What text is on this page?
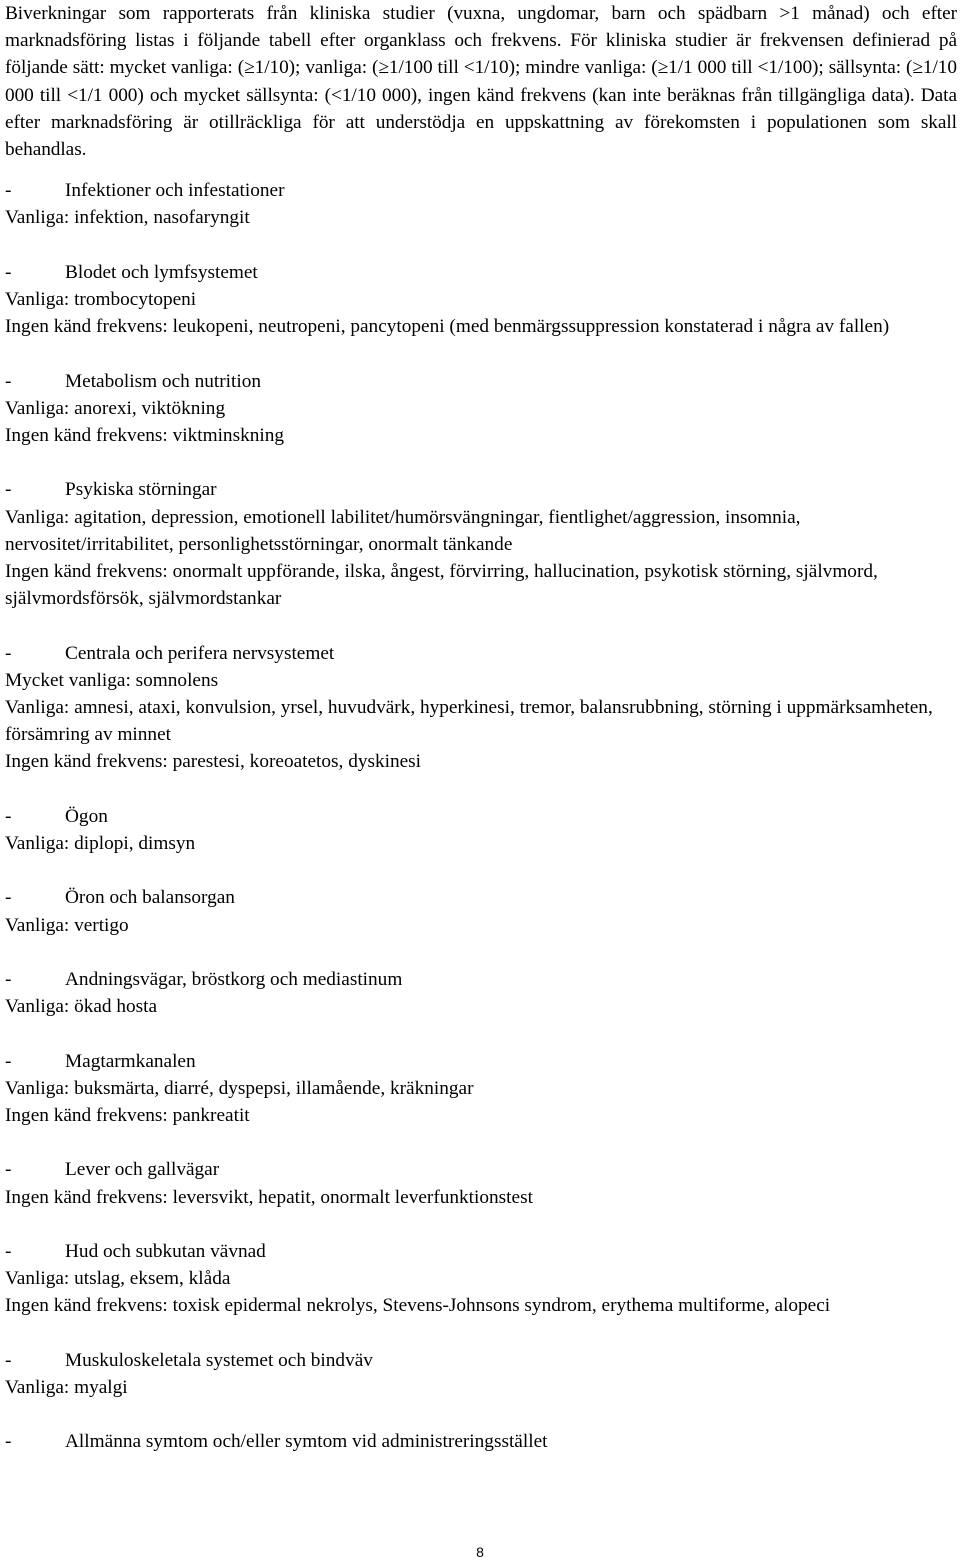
Biverkningar som rapporterats från kliniska studier (vuxna, ungdomar, barn och spädbarn >1 månad) och efter marknadsföring listas i följande tabell efter organklass och frekvens. För kliniska studier är frekvensen definierad på följande sätt: mycket vanliga: (≥1/10); vanliga: (≥1/100 till <1/10); mindre vanliga: (≥1/1 000 till <1/100); sällsynta: (≥1/10 000 till <1/1 000) och mycket sällsynta: (<1/10 000), ingen känd frekvens (kan inte beräknas från tillgängliga data). Data efter marknadsföring är otillräckliga för att understödja en uppskattning av förekomsten i populationen som skall behandlas.

-	Infektioner och infestationer

Vanliga: infektion, nasofaryngit

-	Blodet och lymfsystemet

Vanliga: trombocytopeni

Ingen känd frekvens: leukopeni, neutropeni, pancytopeni (med benmärgssuppression konstaterad i några av fallen)

-	Metabolism och nutrition

Vanliga: anorexi, viktökning

Ingen känd frekvens: viktminskning

-	Psykiska störningar

Vanliga: agitation, depression, emotionell labilitet/humörsvängningar, fientlighet/aggression, insomnia, nervositet/irritabilitet, personlighetsstörningar, onormalt tänkande

Ingen känd frekvens: onormalt uppförande, ilska, ångest, förvirring, hallucination, psykotisk störning, självmord, självmordsförsök, självmordstankar

-	Centrala och perifera nervsystemet

Mycket vanliga: somnolens

Vanliga: amnesi, ataxi, konvulsion, yrsel, huvudvärk, hyperkinesi, tremor, balansrubbning, störning i uppmärksamheten, försämring av minnet

Ingen känd frekvens: parestesi, koreoatetos, dyskinesi

-	Ögon

Vanliga: diplopi, dimsyn

-	Öron och balansorgan

Vanliga: vertigo

-	Andningsvägar, bröstkorg och mediastinum

Vanliga: ökad hosta

-	Magtarmkanalen

Vanliga: buksmärta, diarré, dyspepsi, illamående, kräkningar

Ingen känd frekvens: pankreatit

-	Lever och gallvägar

Ingen känd frekvens: leversvikt, hepatit, onormalt leverfunktionstest

-	Hud och subkutan vävnad

Vanliga: utslag, eksem, klåda

Ingen känd frekvens: toxisk epidermal nekrolys, Stevens-Johnsons syndrom, erythema multiforme, alopeci

-	Muskuloskeletala systemet och bindväv

Vanliga: myalgi

-	Allmänna symtom och/eller symtom vid administreringsstället

8
